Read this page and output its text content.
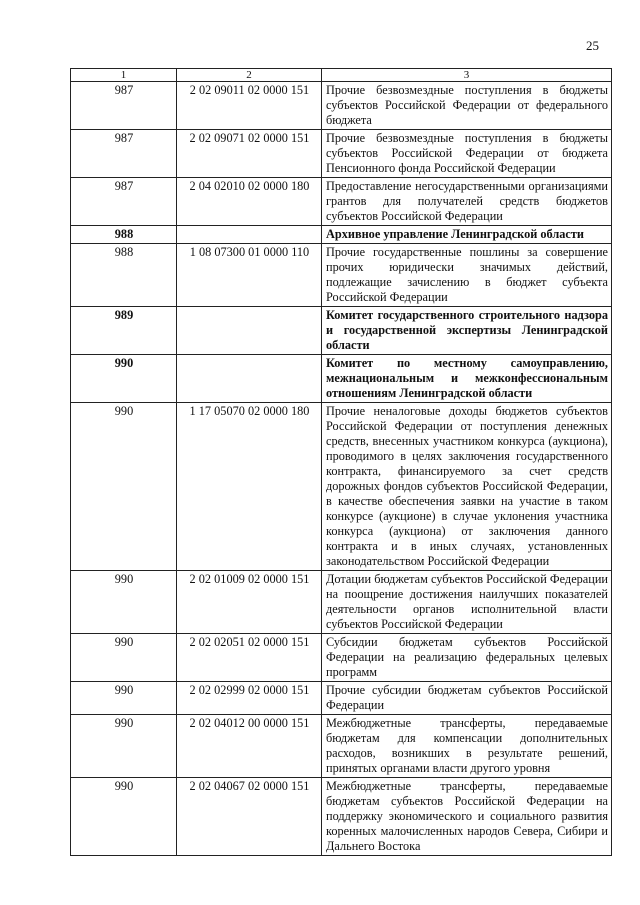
25
1	2	3
987	2 02 09011 02 0000 151	Прочие безвозмездные поступления в бюджеты субъектов Российской Федерации от федерального бюджета
987	2 02 09071 02 0000 151	Прочие безвозмездные поступления в бюджеты субъектов Российской Федерации от бюджета Пенсионного фонда Российской Федерации
987	2 04 02010 02 0000 180	Предоставление негосударственными организациями грантов для получателей средств бюджетов субъектов Российской Федерации
988		Архивное управление Ленинградской области
988	1 08 07300 01 0000 110	Прочие государственные пошлины за совершение прочих юридически значимых действий, подлежащие зачислению в бюджет субъекта Российской Федерации
989		Комитет государственного строительного надзора и государственной экспертизы Ленинградской области
990		Комитет по местному самоуправлению, межнациональным и межконфессиональным отношениям Ленинградской области
990	1 17 05070 02 0000 180	Прочие неналоговые доходы бюджетов субъектов Российской Федерации от поступления денежных средств, внесенных участником конкурса (аукциона), проводимого в целях заключения государственного контракта, финансируемого за счет средств дорожных фондов субъектов Российской Федерации, в качестве обеспечения заявки на участие в таком конкурсе (аукционе) в случае уклонения участника конкурса (аукциона) от заключения данного контракта и в иных случаях, установленных законодательством Российской Федерации
990	2 02 01009 02 0000 151	Дотации бюджетам субъектов Российской Федерации на поощрение достижения наилучших показателей деятельности органов исполнительной власти субъектов Российской Федерации
990	2 02 02051 02 0000 151	Субсидии бюджетам субъектов Российской Федерации на реализацию федеральных целевых программ
990	2 02 02999 02 0000 151	Прочие субсидии бюджетам субъектов Российской Федерации
990	2 02 04012 00 0000 151	Межбюджетные трансферты, передаваемые бюджетам для компенсации дополнительных расходов, возникших в результате решений, принятых органами власти другого уровня
990	2 02 04067 02 0000 151	Межбюджетные трансферты, передаваемые бюджетам субъектов Российской Федерации на поддержку экономического и социального развития коренных малочисленных народов Севера, Сибири и Дальнего Востока
